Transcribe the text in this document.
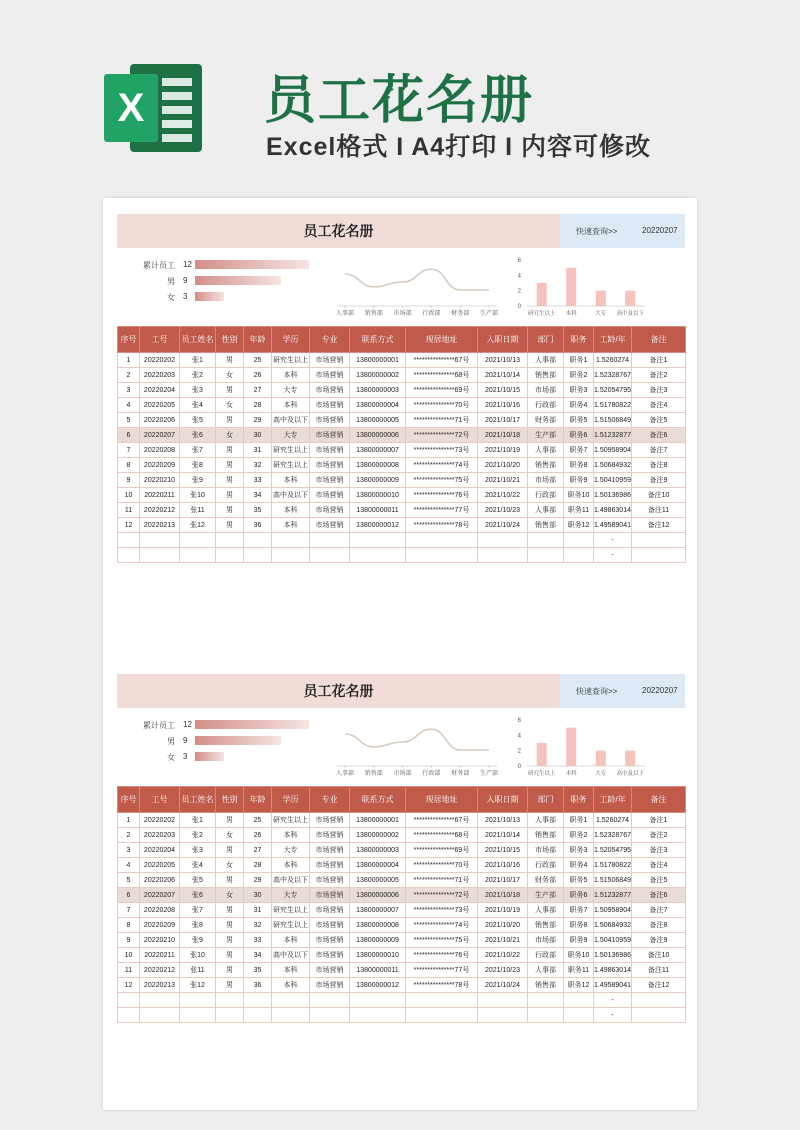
X 员工花名册
Excel格式 I A4打印 I 内容可修改
员工花名册	快速查询>>	20220207
累计员工 12
男 9
女 3
人事部 销售部 市场部 行政部 财务部 生产部
0
2
4
6
研究生以上 本科	大专 高中及以下
序号	工号	员工姓名	性别	年龄	学历	专业	联系方式	现居地址	入职日期	部门	职务	工龄/年	备注
1	20220202	张1	男	25	研究生以上	市场营销	13800000001	***************67号	2021/10/13	人事部	职务1	1.5260274	备注1
2	20220203	张2	女	26	本科	市场营销	13800000002	***************68号	2021/10/14	销售部	职务2	1.52328767	备注2
3	20220204	张3	男	27	大专	市场营销	13800000003	***************69号	2021/10/15	市场部	职务3	1.52054795	备注3
4	20220205	张4	女	28	本科	市场营销	13800000004	***************70号	2021/10/16	行政部	职务4	1.51780822	备注4
5	20220206	张5	男	29	高中及以下	市场营销	13800000005	***************71号	2021/10/17	财务部	职务5	1.51506849	备注5
6	20220207	张6	女	30	大专	市场营销	13800000006	***************72号	2021/10/18	生产部	职务6	1.51232877	备注6
7	20220208	张7	男	31	研究生以上	市场营销	13800000007	***************73号	2021/10/19	人事部	职务7	1.50958904	备注7
8	20220209	张8	男	32	研究生以上	市场营销	13800000008	***************74号	2021/10/20	销售部	职务8	1.50684932	备注8
9	20220210	张9	男	33	本科	市场营销	13800000009	***************75号	2021/10/21	市场部	职务9	1.50410959	备注9
10	20220211	张10	男	34	高中及以下	市场营销	13800000010	***************76号	2021/10/22	行政部	职务10	1.50136986	备注10
11	20220212	张11	男	35	本科	市场营销	13800000011	***************77号	2021/10/23	人事部	职务11	1.49863014	备注11
12	20220213	张12	男	36	本科	市场营销	13800000012	***************78号	2021/10/24	销售部	职务12	1.49589041	备注12
												-	
												-	
员工花名册	快速查询>>	20220207
累计员工 12
男 9
女 3
人事部 销售部 市场部 行政部 财务部 生产部
0
2
4
6
研究生以上 本科	大专 高中及以下
序号	工号	员工姓名	性别	年龄	学历	专业	联系方式	现居地址	入职日期	部门	职务	工龄/年	备注
1	20220202	张1	男	25	研究生以上	市场营销	13800000001	***************67号	2021/10/13	人事部	职务1	1.5260274	备注1
2	20220203	张2	女	26	本科	市场营销	13800000002	***************68号	2021/10/14	销售部	职务2	1.52328767	备注2
3	20220204	张3	男	27	大专	市场营销	13800000003	***************69号	2021/10/15	市场部	职务3	1.52054795	备注3
4	20220205	张4	女	28	本科	市场营销	13800000004	***************70号	2021/10/16	行政部	职务4	1.51780822	备注4
5	20220206	张5	男	29	高中及以下	市场营销	13800000005	***************71号	2021/10/17	财务部	职务5	1.51506849	备注5
6	20220207	张6	女	30	大专	市场营销	13800000006	***************72号	2021/10/18	生产部	职务6	1.51232877	备注6
7	20220208	张7	男	31	研究生以上	市场营销	13800000007	***************73号	2021/10/19	人事部	职务7	1.50958904	备注7
8	20220209	张8	男	32	研究生以上	市场营销	13800000008	***************74号	2021/10/20	销售部	职务8	1.50684932	备注8
9	20220210	张9	男	33	本科	市场营销	13800000009	***************75号	2021/10/21	市场部	职务9	1.50410959	备注9
10	20220211	张10	男	34	高中及以下	市场营销	13800000010	***************76号	2021/10/22	行政部	职务10	1.50136986	备注10
11	20220212	张11	男	35	本科	市场营销	13800000011	***************77号	2021/10/23	人事部	职务11	1.49863014	备注11
12	20220213	张12	男	36	本科	市场营销	13800000012	***************78号	2021/10/24	销售部	职务12	1.49589041	备注12
												-	
												-	
